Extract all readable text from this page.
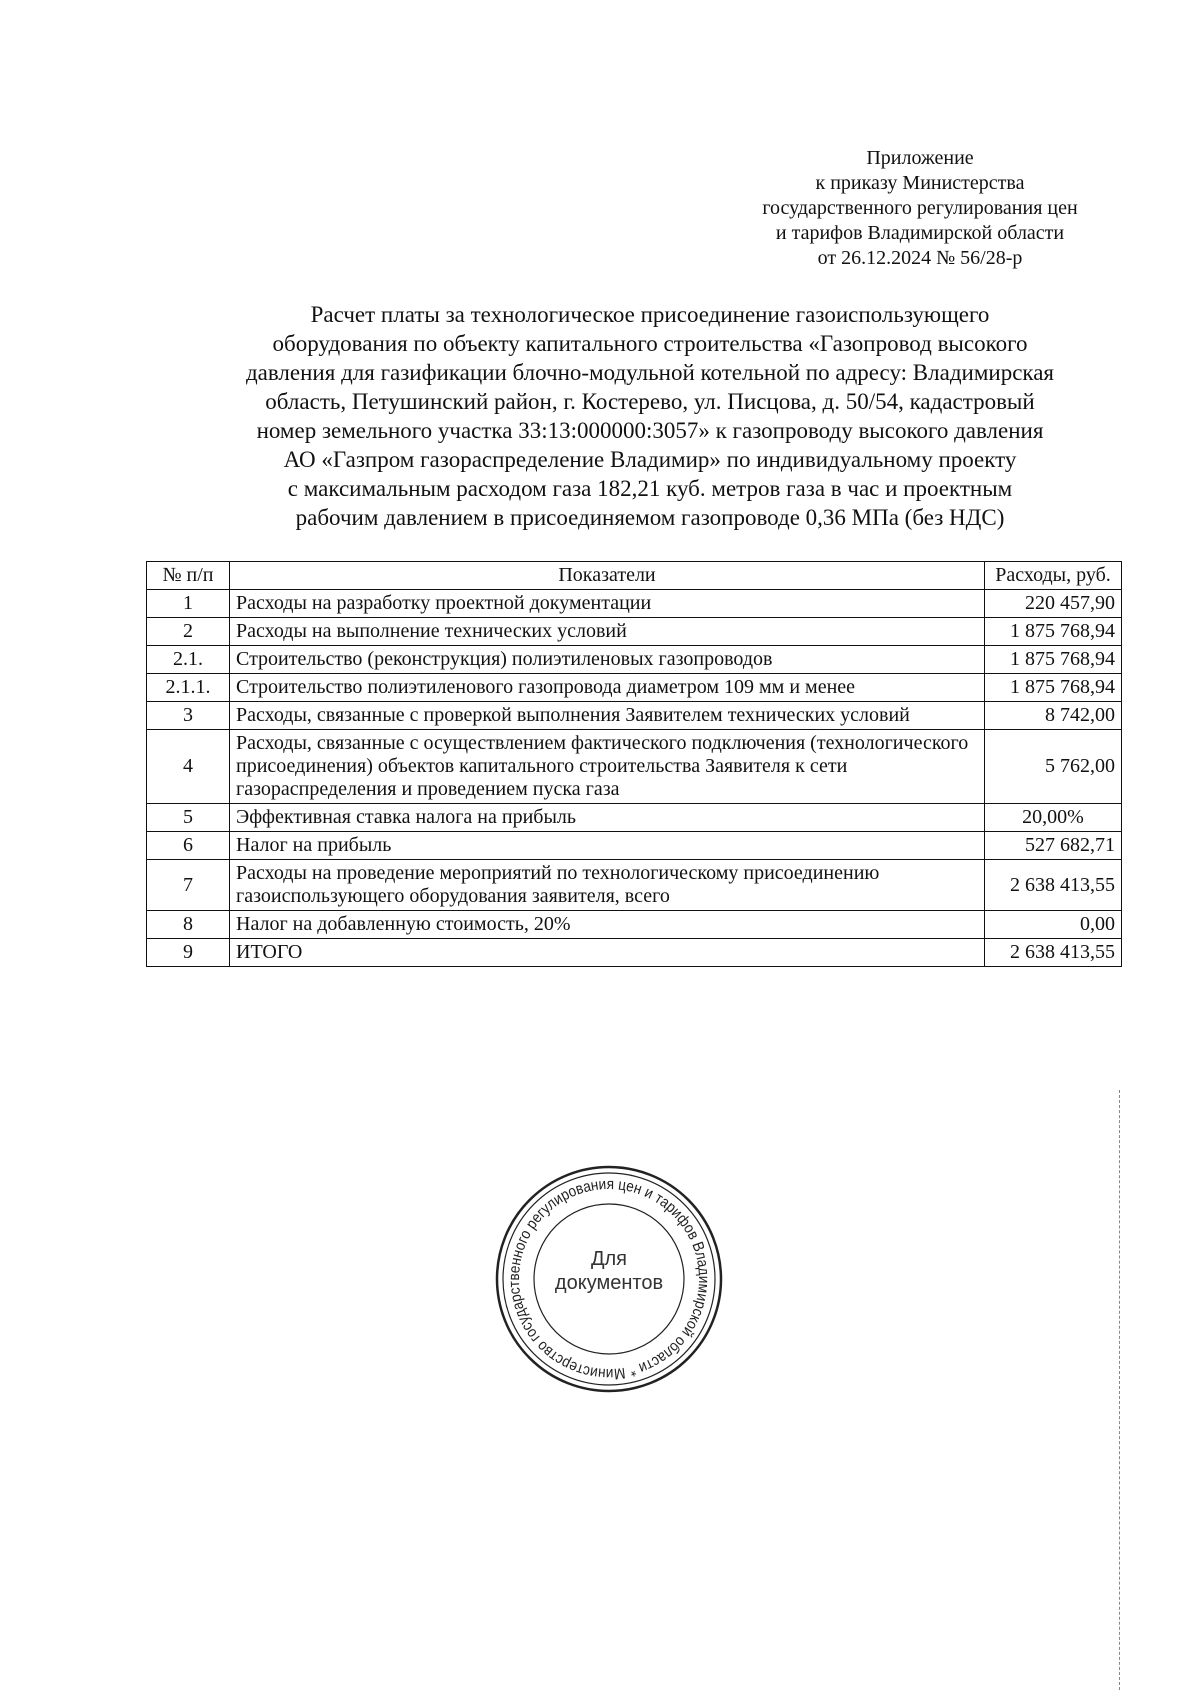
Приложение
к приказу Министерства
государственного регулирования цен
и тарифов Владимирской области
от 26.12.2024 № 56/28-р
Расчет платы за технологическое присоединение газоиспользующего
оборудования по объекту капитального строительства «Газопровод высокого
давления для газификации блочно-модульной котельной по адресу: Владимирская
область, Петушинский район, г. Костерево, ул. Писцова, д. 50/54, кадастровый
номер земельного участка 33:13:000000:3057» к газопроводу высокого давления
АО «Газпром газораспределение Владимир» по индивидуальному проекту
с максимальным расходом газа 182,21 куб. метров газа в час и проектным
рабочим давлением в присоединяемом газопроводе 0,36 МПа (без НДС)
№ п/п	Показатели	Расходы, руб.
1	Расходы на разработку проектной документации	220 457,90
2	Расходы на выполнение технических условий	1 875 768,94
2.1.	Строительство (реконструкция) полиэтиленовых газопроводов	1 875 768,94
2.1.1.	Строительство полиэтиленового газопровода диаметром 109 мм и менее	1 875 768,94
3	Расходы, связанные с проверкой выполнения Заявителем технических условий	8 742,00
4	Расходы, связанные с осуществлением фактического подключения (технологического присоединения) объектов капитального строительства Заявителя к сети газораспределения и проведением пуска газа	5 762,00
5	Эффективная ставка налога на прибыль	20,00%
6	Налог на прибыль	527 682,71
7	Расходы на проведение мероприятий по технологическому присоединению газоиспользующего оборудования заявителя, всего	2 638 413,55
8	Налог на добавленную стоимость, 20%	0,00
9	ИТОГО	2 638 413,55
Министерство государственного регулирования цен и тарифов Владимирской области *
Для
документов
